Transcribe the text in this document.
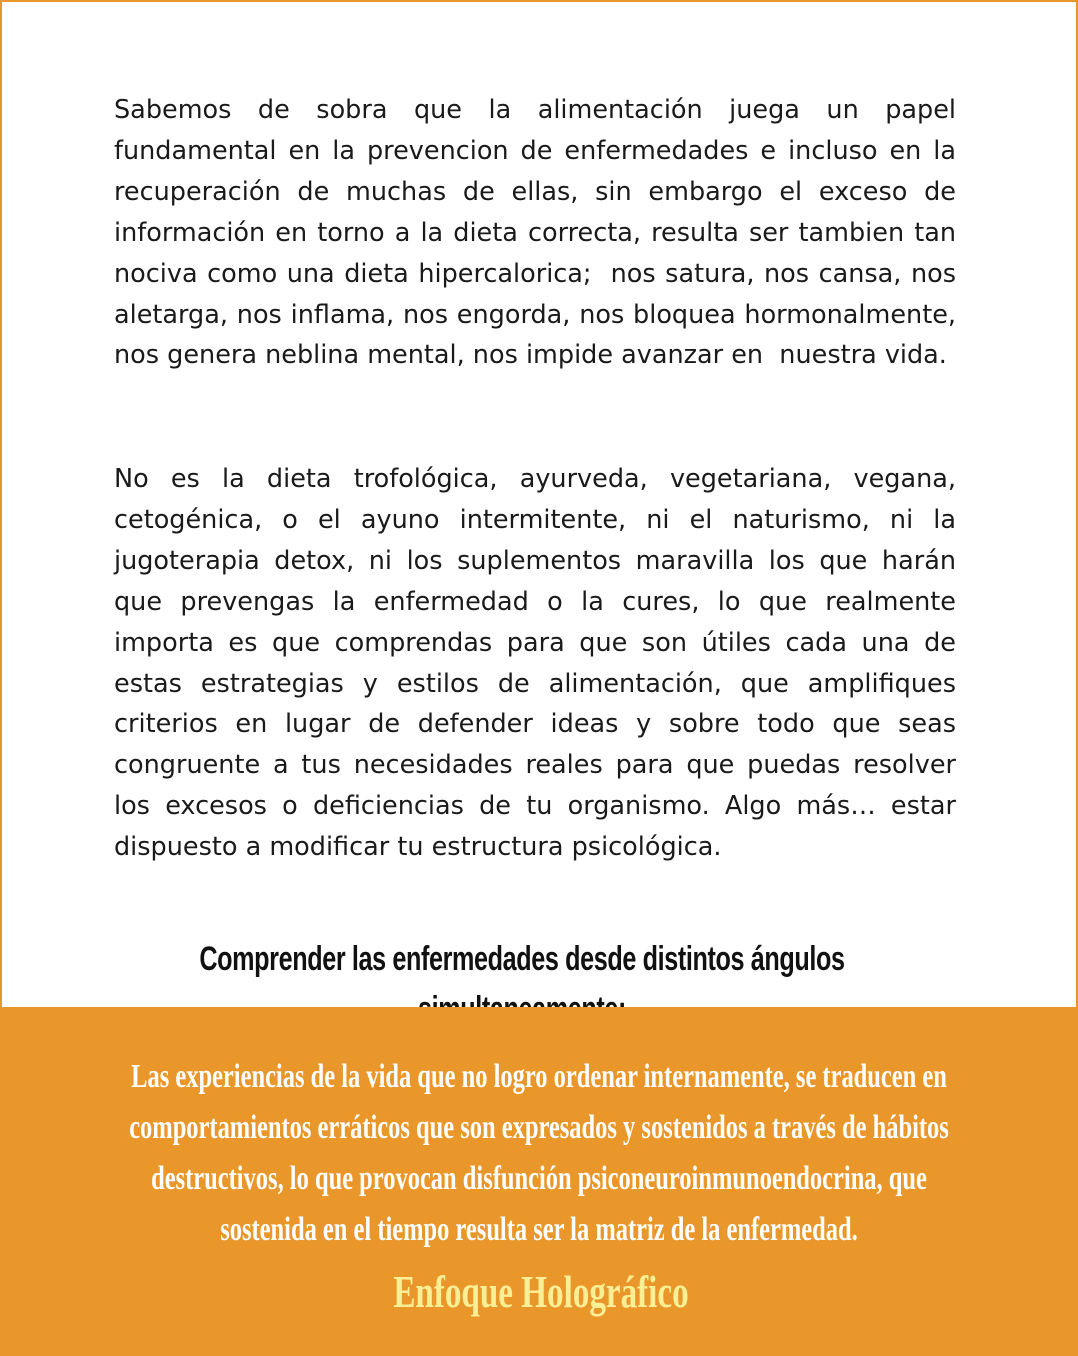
Sabemos de sobra que la alimentación juega un papel fundamental en la prevencion de enfermedades e incluso en la recuperación de muchas de ellas, sin embargo el exceso de información en torno a la dieta correcta, resulta ser tambien tan nociva como una dieta hipercalorica;  nos satura, nos cansa, nos aletarga, nos inflama, nos engorda, nos bloquea hormonalmente, nos genera neblina mental, nos impide avanzar en  nuestra vida.

No es la dieta trofológica, ayurveda, vegetariana, vegana, cetogénica, o el ayuno intermitente, ni el naturismo, ni la jugoterapia detox, ni los suplementos maravilla los que harán que prevengas la enfermedad o la cures, lo que realmente importa es que comprendas para que son útiles cada una de estas estrategias y estilos de alimentación, que amplifiques criterios en lugar de defender ideas y sobre todo que seas congruente a tus necesidades reales para que puedas resolver los excesos o deficiencias de tu organismo. Algo más… estar dispuesto a modificar tu estructura psicológica.

Comprender las enfermedades desde distintos ángulos

Las experiencias de la vida que no logro ordenar internamente, se traducen en
comportamientos erráticos que son expresados y sostenidos a través de hábitos
destructivos, lo que provocan disfunción psiconeuroinmunoendocrina, que
sostenida en el tiempo resulta ser la matriz de la enfermedad.

Enfoque Holográfico
